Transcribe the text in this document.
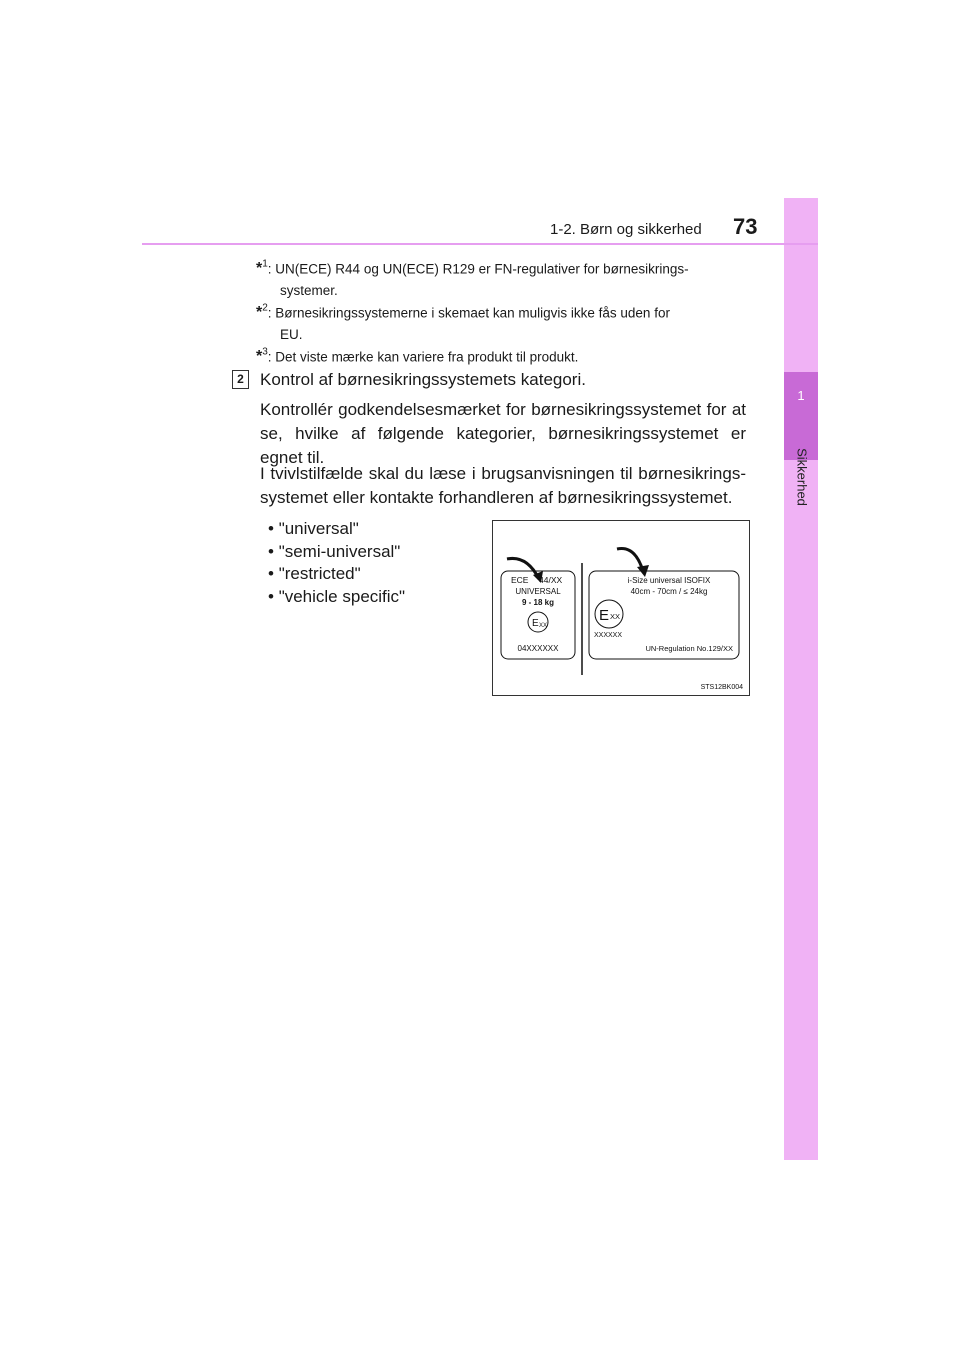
1
Sikkerhed
1-2. Børn og sikkerhed 73
*$^1$: UN(ECE) R44 og UN(ECE) R129 er FN-regulativer for børnesikrings-
systemer.
*$^2$: Børnesikringssystemerne i skemaet kan muligvis ikke fås uden for
EU.
*$^3$: Det viste mærke kan variere fra produkt til produkt.
2 Kontrol af børnesikringssystemets kategori.
Kontrollér godkendelsesmærket for børnesikringssystemet for at se, hvilke af følgende kategorier, børnesikringssystemet er egnet til.
I tvivlstilfælde skal du læse i brugsanvisningen til børnesikrings-systemet eller kontakte forhandleren af børnesikringssystemet.
• "universal"
• "semi-universal"
• "restricted"
• "vehicle specific"
ECE 44/XX
UNIVERSAL
9 - 18 kg
E XX
04XXXXXX
i-Size universal ISOFIX
40cm - 70cm / ≤ 24kg
E XX
XXXXXX
UN-Regulation No.129/XX
STS12BK004
